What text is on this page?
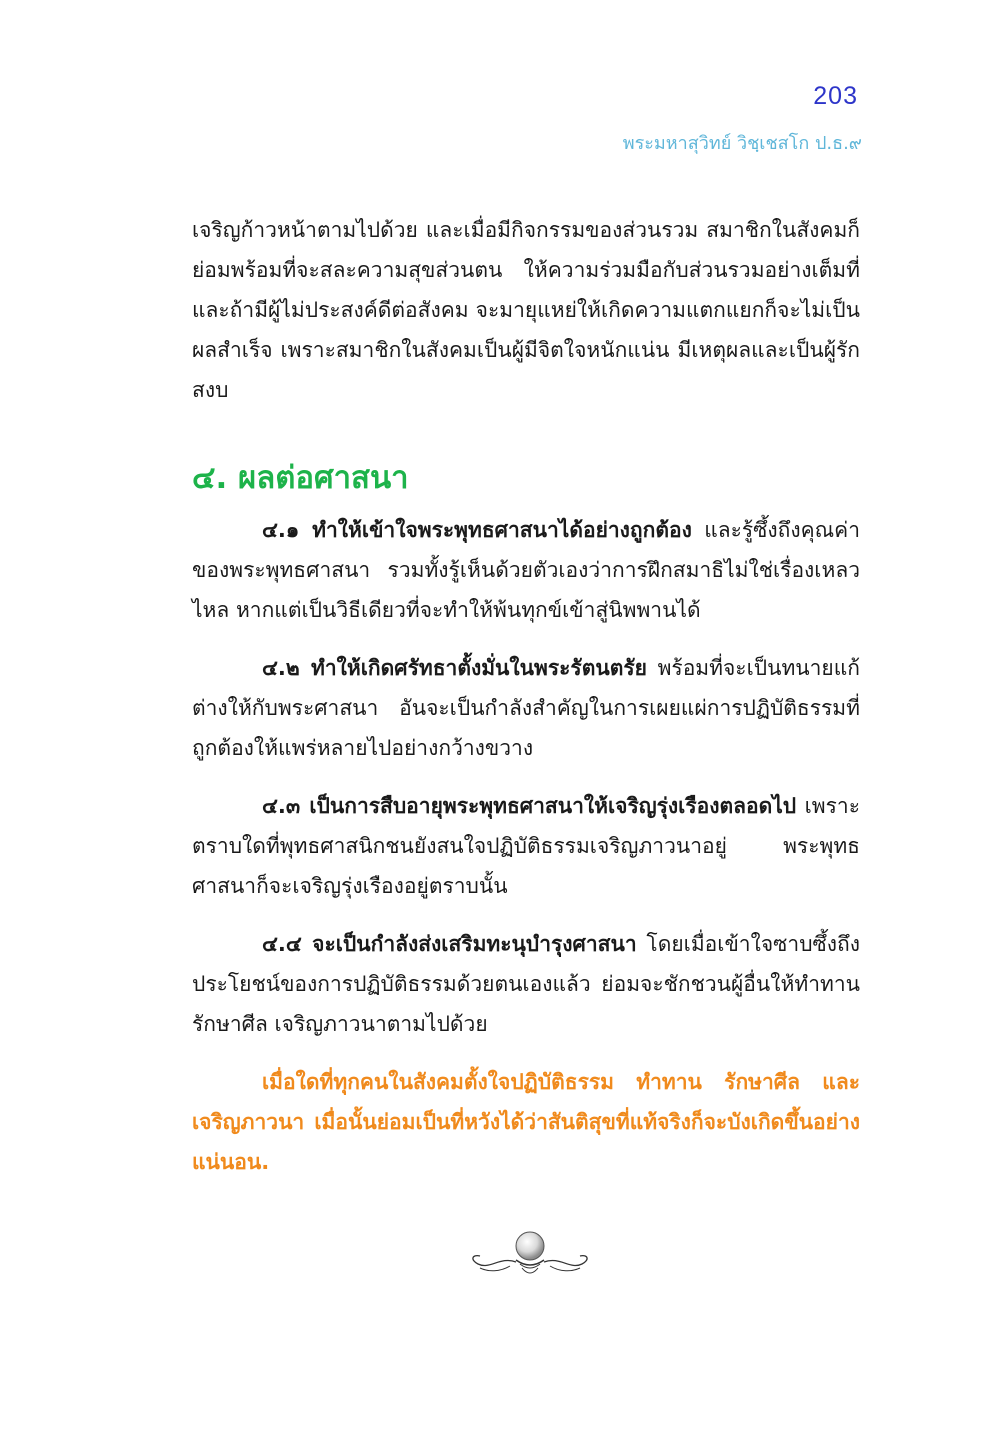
203
พระมหาสุวิทย์ วิชฺเชสโก ป.ธ.๙

เจริญก้าวหน้าตามไปด้วย และเมื่อมีกิจกรรมของส่วนรวม สมาชิกในสังคมก็ย่อมพร้อมที่จะสละความสุขส่วนตน ให้ความร่วมมือกับส่วนรวมอย่างเต็มที่ และถ้ามีผู้ไม่ประสงค์ดีต่อสังคม จะมายุแหย่ให้เกิดความแตกแยกก็จะไม่เป็นผลสำเร็จ เพราะสมาชิกในสังคมเป็นผู้มีจิตใจหนักแน่น มีเหตุผลและเป็นผู้รักสงบ

๔. ผลต่อศาสนา

๔.๑ ทำให้เข้าใจพระพุทธศาสนาได้อย่างถูกต้อง และรู้ซึ้งถึงคุณค่าของพระพุทธศาสนา รวมทั้งรู้เห็นด้วยตัวเองว่าการฝึกสมาธิไม่ใช่เรื่องเหลวไหล หากแต่เป็นวิธีเดียวที่จะทำให้พ้นทุกข์เข้าสู่นิพพานได้

๔.๒ ทำให้เกิดศรัทธาตั้งมั่นในพระรัตนตรัย พร้อมที่จะเป็นทนายแก้ต่างให้กับพระศาสนา อันจะเป็นกำลังสำคัญในการเผยแผ่การปฏิบัติธรรมที่ถูกต้องให้แพร่หลายไปอย่างกว้างขวาง

๔.๓ เป็นการสืบอายุพระพุทธศาสนาให้เจริญรุ่งเรืองตลอดไป เพราะตราบใดที่พุทธศาสนิกชนยังสนใจปฏิบัติธรรมเจริญภาวนาอยู่ พระพุทธศาสนาก็จะเจริญรุ่งเรืองอยู่ตราบนั้น

๔.๔ จะเป็นกำลังส่งเสริมทะนุบำรุงศาสนา โดยเมื่อเข้าใจซาบซึ้งถึงประโยชน์ของการปฏิบัติธรรมด้วยตนเองแล้ว ย่อมจะชักชวนผู้อื่นให้ทำทาน รักษาศีล เจริญภาวนาตามไปด้วย

เมื่อใดที่ทุกคนในสังคมตั้งใจปฏิบัติธรรม ทำทาน รักษาศีล และเจริญภาวนา เมื่อนั้นย่อมเป็นที่หวังได้ว่าสันติสุขที่แท้จริงก็จะบังเกิดขึ้นอย่างแน่นอน.
